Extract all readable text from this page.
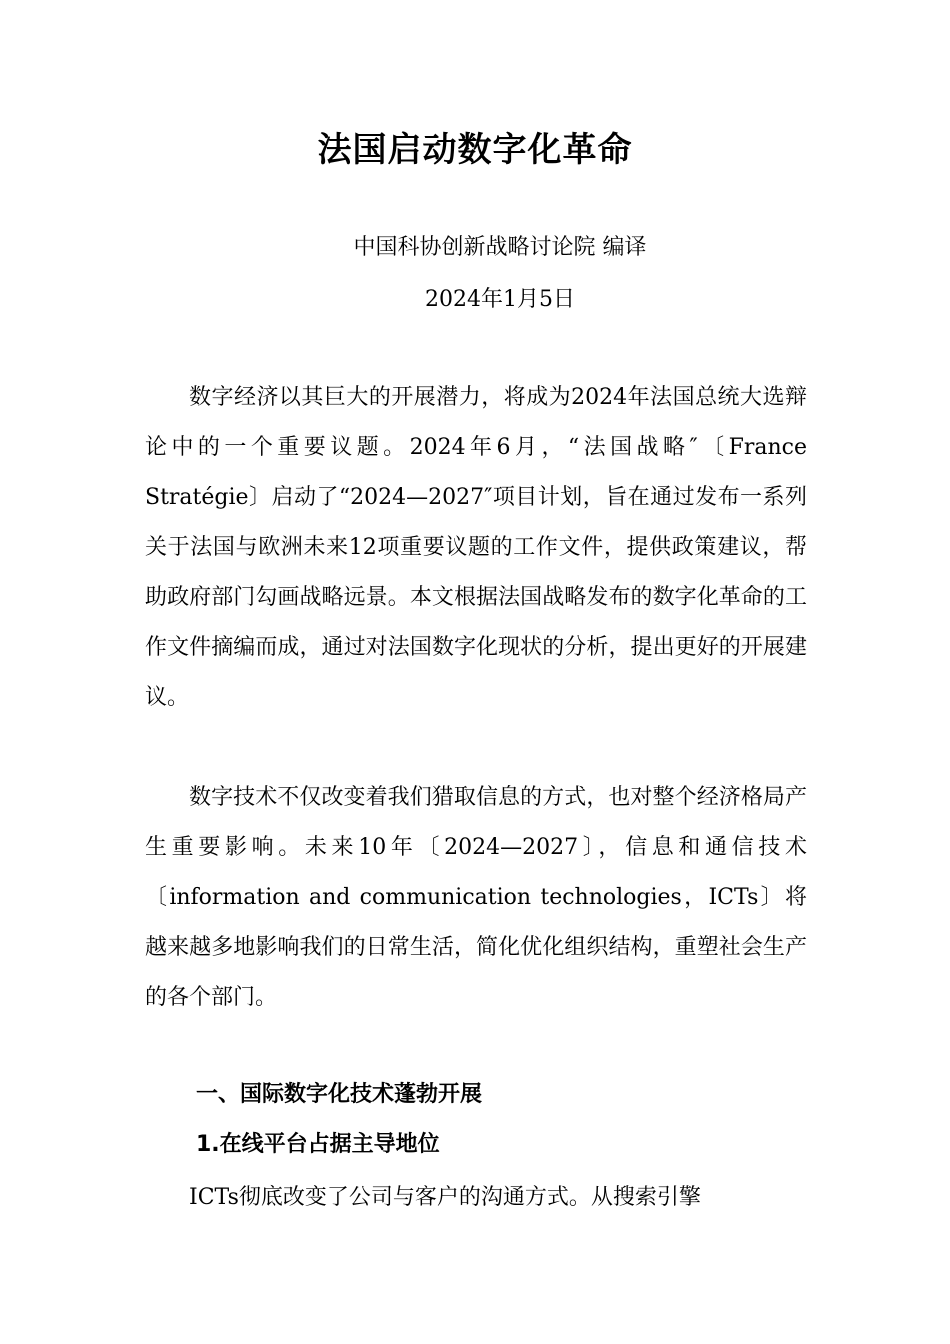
法国启动数字化革命
中国科协创新战略讨论院 编译
2024年1月5日

数字经济以其巨大的开展潜力，将成为2024年法国总统大选辩论中的一个重要议题。2024年6月，“法国战略″〔France Stratégie〕启动了“2024—2027″项目计划，旨在通过发布一系列关于法国与欧洲未来12项重要议题的工作文件，提供政策建议，帮助政府部门勾画战略远景。本文根据法国战略发布的数字化革命的工作文件摘编而成，通过对法国数字化现状的分析，提出更好的开展建议。

数字技术不仅改变着我们猎取信息的方式，也对整个经济格局产生重要影响。未来10年〔2024—2027〕，信息和通信技术〔information and communication technologies，ICTs〕将越来越多地影响我们的日常生活，简化优化组织结构，重塑社会生产的各个部门。

一、国际数字化技术蓬勃开展
1.在线平台占据主导地位

ICTs彻底改变了公司与客户的沟通方式。从搜索引擎
